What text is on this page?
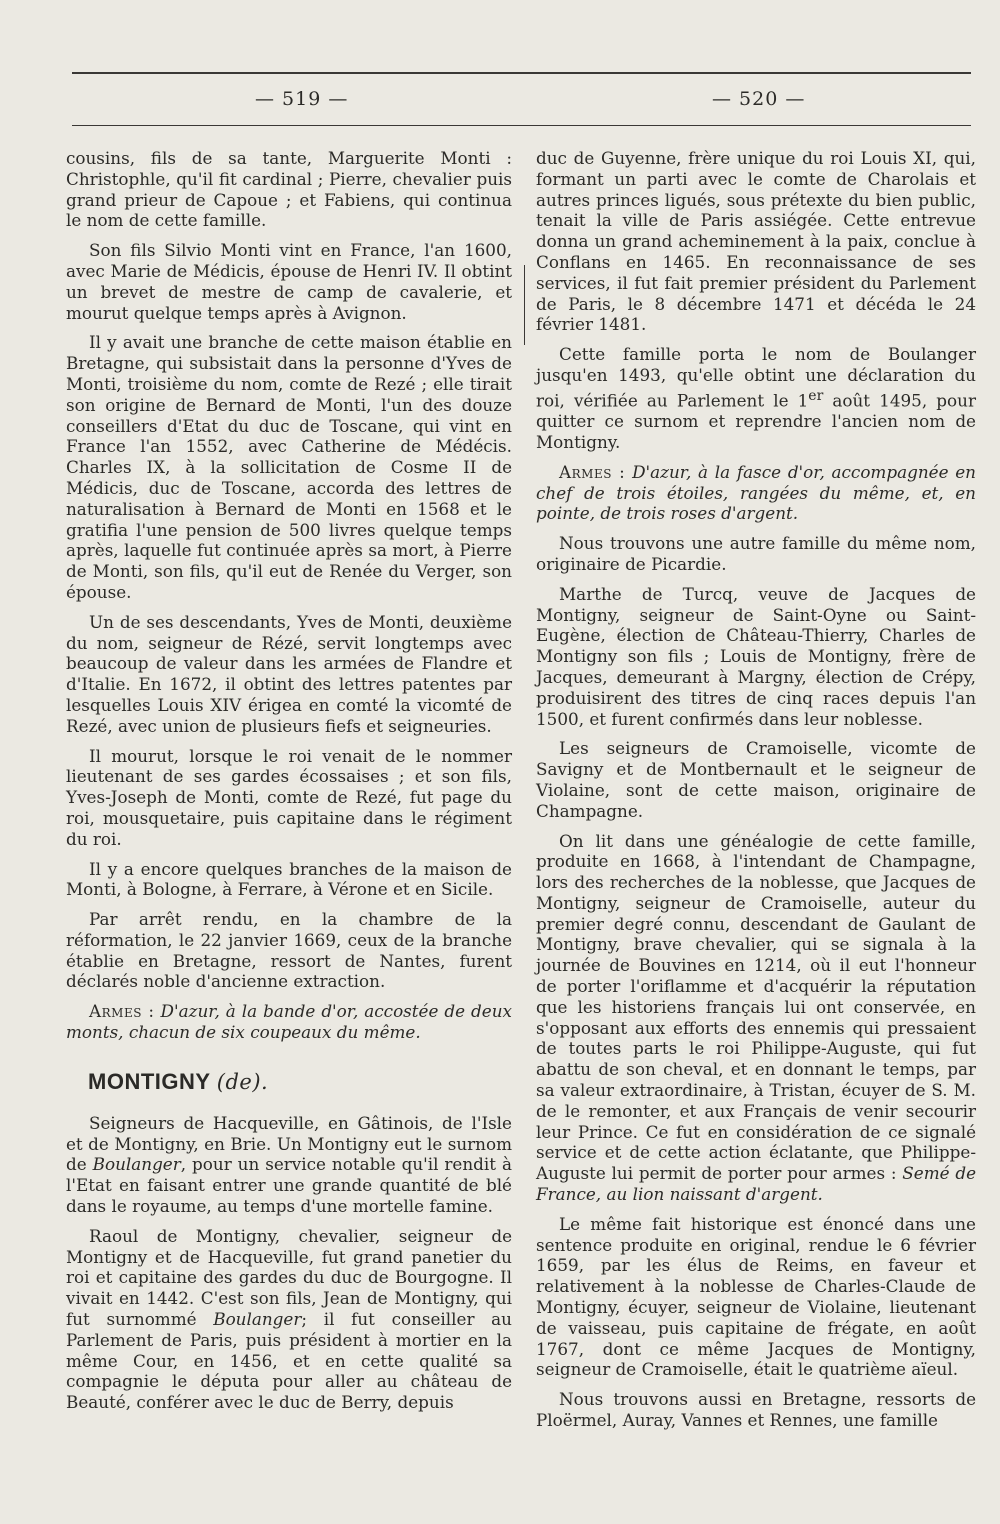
— 519 —	— 520 —

cousins, fils de sa tante, Marguerite Monti : Christophle, qu'il fit cardinal ; Pierre, chevalier puis grand prieur de Capoue ; et Fabiens, qui continua le nom de cette famille.

Son fils Silvio Monti vint en France, l'an 1600, avec Marie de Médicis, épouse de Henri IV. Il obtint un brevet de mestre de camp de cavalerie, et mourut quelque temps après à Avignon.

Il y avait une branche de cette maison établie en Bretagne, qui subsistait dans la personne d'Yves de Monti, troisième du nom, comte de Rezé ; elle tirait son origine de Bernard de Monti, l'un des douze conseillers d'Etat du duc de Toscane, qui vint en France l'an 1552, avec Catherine de Médécis. Charles IX, à la sollicitation de Cosme II de Médicis, duc de Toscane, accorda des lettres de naturalisation à Bernard de Monti en 1568 et le gratifia l'une pension de 500 livres quelque temps après, laquelle fut continuée après sa mort, à Pierre de Monti, son fils, qu'il eut de Renée du Verger, son épouse.

Un de ses descendants, Yves de Monti, deuxième du nom, seigneur de Rézé, servit longtemps avec beaucoup de valeur dans les armées de Flandre et d'Italie. En 1672, il obtint des lettres patentes par lesquelles Louis XIV érigea en comté la vicomté de Rezé, avec union de plusieurs fiefs et seigneuries.

Il mourut, lorsque le roi venait de le nommer lieutenant de ses gardes écossaises ; et son fils, Yves-Joseph de Monti, comte de Rezé, fut page du roi, mousquetaire, puis capitaine dans le régiment du roi.

Il y a encore quelques branches de la maison de Monti, à Bologne, à Ferrare, à Vérone et en Sicile.

Par arrêt rendu, en la chambre de la réformation, le 22 janvier 1669, ceux de la branche établie en Bretagne, ressort de Nantes, furent déclarés noble d'ancienne extraction.

Armes : D'azur, à la bande d'or, accostée de deux monts, chacun de six coupeaux du même.

MONTIGNY (de).

Seigneurs de Hacqueville, en Gâtinois, de l'Isle et de Montigny, en Brie. Un Montigny eut le surnom de Boulanger, pour un service notable qu'il rendit à l'Etat en faisant entrer une grande quantité de blé dans le royaume, au temps d'une mortelle famine.

Raoul de Montigny, chevalier, seigneur de Montigny et de Hacqueville, fut grand panetier du roi et capitaine des gardes du duc de Bourgogne. Il vivait en 1442. C'est son fils, Jean de Montigny, qui fut surnommé Boulanger; il fut conseiller au Parlement de Paris, puis président à mortier en la même Cour, en 1456, et en cette qualité sa compagnie le députa pour aller au château de Beauté, conférer avec le duc de Berry, depuis

duc de Guyenne, frère unique du roi Louis XI, qui, formant un parti avec le comte de Charolais et autres princes ligués, sous prétexte du bien public, tenait la ville de Paris assiégée. Cette entrevue donna un grand acheminement à la paix, conclue à Conflans en 1465. En reconnaissance de ses services, il fut fait premier président du Parlement de Paris, le 8 décembre 1471 et décéda le 24 février 1481.

Cette famille porta le nom de Boulanger jusqu'en 1493, qu'elle obtint une déclaration du roi, vérifiée au Parlement le 1er août 1495, pour quitter ce surnom et reprendre l'ancien nom de Montigny.

Armes : D'azur, à la fasce d'or, accompagnée en chef de trois étoiles, rangées du même, et, en pointe, de trois roses d'argent.

Nous trouvons une autre famille du même nom, originaire de Picardie.

Marthe de Turcq, veuve de Jacques de Montigny, seigneur de Saint-Oyne ou Saint-Eugène, élection de Château-Thierry, Charles de Montigny son fils ; Louis de Montigny, frère de Jacques, demeurant à Margny, élection de Crépy, produisirent des titres de cinq races depuis l'an 1500, et furent confirmés dans leur noblesse.

Les seigneurs de Cramoiselle, vicomte de Savigny et de Montbernault et le seigneur de Violaine, sont de cette maison, originaire de Champagne.

On lit dans une généalogie de cette famille, produite en 1668, à l'intendant de Champagne, lors des recherches de la noblesse, que Jacques de Montigny, seigneur de Cramoiselle, auteur du premier degré connu, descendant de Gaulant de Montigny, brave chevalier, qui se signala à la journée de Bouvines en 1214, où il eut l'honneur de porter l'oriflamme et d'acquérir la réputation que les historiens français lui ont conservée, en s'opposant aux efforts des ennemis qui pressaient de toutes parts le roi Philippe-Auguste, qui fut abattu de son cheval, et en donnant le temps, par sa valeur extraordinaire, à Tristan, écuyer de S. M. de le remonter, et aux Français de venir secourir leur Prince. Ce fut en considération de ce signalé service et de cette action éclatante, que Philippe-Auguste lui permit de porter pour armes : Semé de France, au lion naissant d'argent.

Le même fait historique est énoncé dans une sentence produite en original, rendue le 6 février 1659, par les élus de Reims, en faveur et relativement à la noblesse de Charles-Claude de Montigny, écuyer, seigneur de Violaine, lieutenant de vaisseau, puis capitaine de frégate, en août 1767, dont ce même Jacques de Montigny, seigneur de Cramoiselle, était le quatrième aïeul.

Nous trouvons aussi en Bretagne, ressorts de Ploërmel, Auray, Vannes et Rennes, une famille
